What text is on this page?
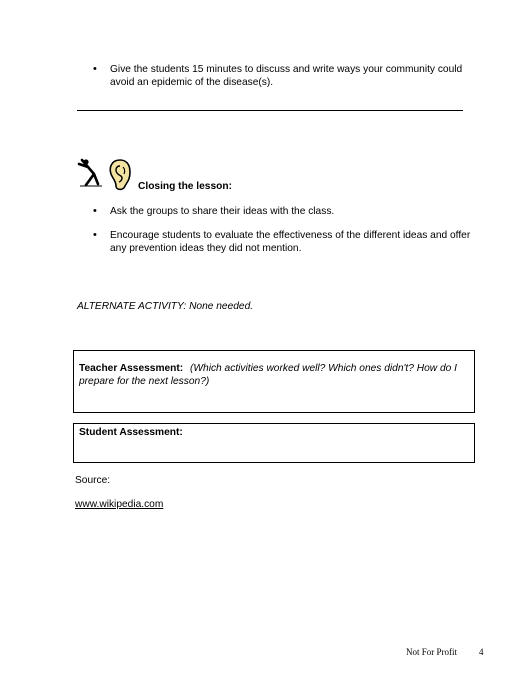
• Give the students 15 minutes to discuss and write ways your community could
avoid an epidemic of the disease(s).
Closing the lesson:
• Ask the groups to share their ideas with the class.
• Encourage students to evaluate the effectiveness of the different ideas and offer
any prevention ideas they did not mention.
ALTERNATE ACTIVITY: None needed.
Teacher Assessment: (Which activities worked well? Which ones didn't? How do I
prepare for the next lesson?)
Student Assessment:
Source:
www.wikipedia.com
Not For Profit 4
